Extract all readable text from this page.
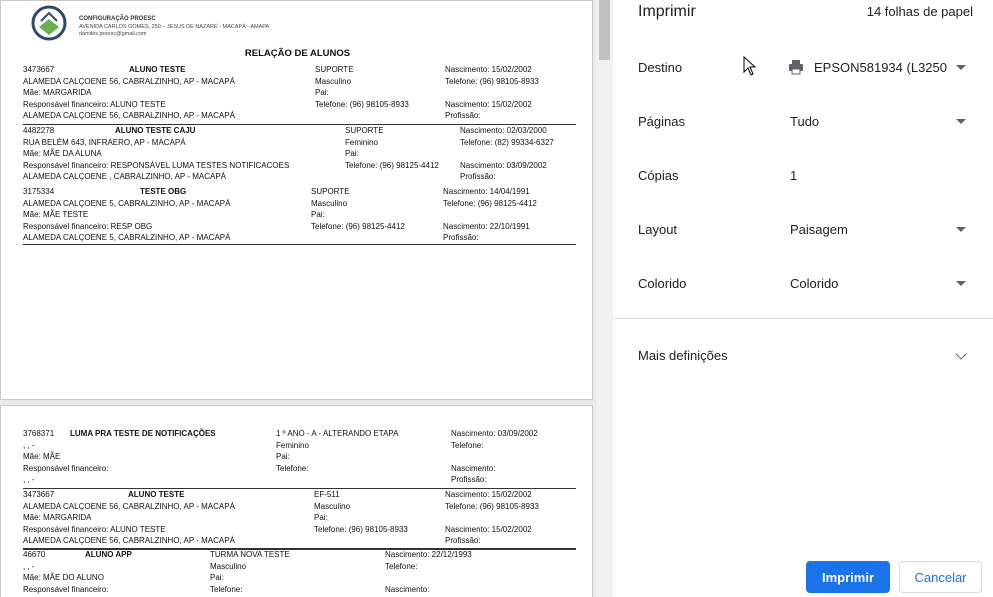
CONFIGURAÇÃO PROESC
AVENIDA CARLOS GOMES, 250 – JESUS DE NAZARÉ - MACAPÁ - AMAPA
damiles.proesc@gmail.com
RELAÇÃO DE ALUNOS
3473667	ALUNO TESTE	SUPORTE	Nascimento: 15/02/2002
ALAMEDA CALÇOENE 56, CABRALZINHO, AP - MACAPÁ	Masculino	Telefone: (96) 98105-8933
Mãe: MARGARIDA	Pai:
Responsável financeiro: ALUNO TESTE	Telefone: (96) 98105-8933	Nascimento: 15/02/2002
ALAMEDA CALÇOENE 56, CABRALZINHO, AP - MACAPÁ	Profissão:
4482278	ALUNO TESTE CAJU	SUPORTE	Nascimento: 02/03/2000
RUA BELÉM 643, INFRAERO, AP - MACAPÁ	Feminino	Telefone: (82) 99334-6327
Mãe: MÃE DA ALUNA	Pai:
Responsável financeiro: RESPONSÁVEL LUMA TESTES NOTIFICACOES	Telefone: (96) 98125-4412	Nascimento: 03/09/2002
ALAMEDA CALÇOENE , CABRALZINHO, AP - MACAPÁ	Profissão:
3175334	TESTE OBG	SUPORTE	Nascimento: 14/04/1991
ALAMEDA CALÇOENE 5, CABRALZINHO, AP - MACAPÁ	Masculino	Telefone: (96) 98125-4412
Mãe: MÃE TESTE	Pai:
Responsável financeiro: RESP OBG	Telefone: (96) 98125-4412	Nascimento: 22/10/1991
ALAMEDA CALÇOENE 5, CABRALZINHO, AP - MACAPÁ	Profissão:
3768371 LUMA PRA TESTE DE NOTIFICAÇÕES	1 º ANO - A - ALTERANDO ETAPA	Nascimento: 03/09/2002
, , -	Feminino	Telefone:
Mãe: MÃE	Pai:
Responsável financeiro:	Telefone:	Nascimento:
, , -	Profissão:
3473667	ALUNO TESTE	EF-511	Nascimento: 15/02/2002
ALAMEDA CALÇOENE 56, CABRALZINHO, AP - MACAPÁ	Masculino	Telefone: (96) 98105-8933
Mãe: MARGARIDA	Pai:
Responsável financeiro: ALUNO TESTE	Telefone: (96) 98105-8933	Nascimento: 15/02/2002
ALAMEDA CALÇOENE 56, CABRALZINHO, AP - MACAPÁ	Profissão:
46670	ALUNO APP	TURMA NOVA TESTE	Nascimento: 22/12/1993
, , -	Masculino	Telefone:
Mãe: MÃE DO ALUNO	Pai:
Responsável financeiro:	Telefone:	Nascimento:
Imprimir	14 folhas de papel
Destino	EPSON581934 (L3250
Páginas	Tudo
Cópias	1
Layout	Paisagem
Colorido	Colorido
Mais definições
Imprimir	Cancelar
